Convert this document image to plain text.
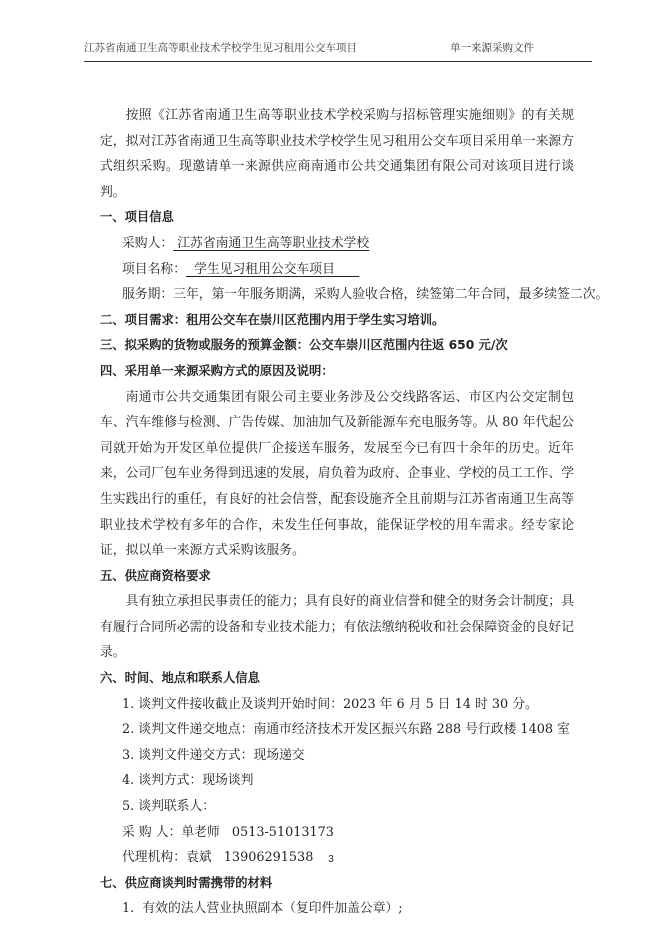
江苏省南通卫生高等职业技术学校学生见习租用公交车项目	单一来源采购文件

按照《江苏省南通卫生高等职业技术学校采购与招标管理实施细则》的有关规定，拟对江苏省南通卫生高等职业技术学校学生见习租用公交车项目采用单一来源方式组织采购。现邀请单一来源供应商南通市公共交通集团有限公司对该项目进行谈判。

一、项目信息

采购人： 江苏省南通卫生高等职业技术学校

项目名称：  学生见习租用公交车项目

服务期：三年，第一年服务期满，采购人验收合格，续签第二年合同，最多续签二次。

二、项目需求：租用公交车在崇川区范围内用于学生实习培训。

三、拟采购的货物或服务的预算金额：公交车崇川区范围内往返 650 元/次

四、采用单一来源采购方式的原因及说明：

南通市公共交通集团有限公司主要业务涉及公交线路客运、市区内公交定制包车、汽车维修与检测、广告传媒、加油加气及新能源车充电服务等。从 80 年代起公司就开始为开发区单位提供厂企接送车服务，发展至今已有四十余年的历史。近年来，公司厂包车业务得到迅速的发展，肩负着为政府、企事业、学校的员工工作、学生实践出行的重任，有良好的社会信誉，配套设施齐全且前期与江苏省南通卫生高等职业技术学校有多年的合作，未发生任何事故，能保证学校的用车需求。经专家论证，拟以单一来源方式采购该服务。

五、供应商资格要求

具有独立承担民事责任的能力；具有良好的商业信誉和健全的财务会计制度；具有履行合同所必需的设备和专业技术能力；有依法缴纳税收和社会保障资金的良好记录。

六、时间、地点和联系人信息

1. 谈判文件接收截止及谈判开始时间：2023 年 6 月 5 日 14 时 30 分。

2. 谈判文件递交地点：南通市经济技术开发区振兴东路 288 号行政楼 1408 室

3. 谈判文件递交方式：现场递交

4. 谈判方式：现场谈判

5. 谈判联系人：

采 购 人：单老师   0513-51013173

代理机构：袁斌   13906291538

七、供应商谈判时需携带的材料

1.  有效的法人营业执照副本（复印件加盖公章）;

3
